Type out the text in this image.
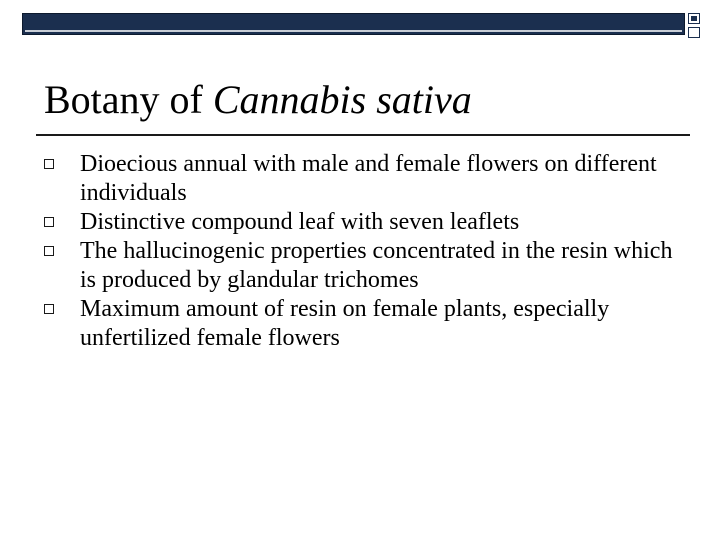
Botany of Cannabis sativa
Dioecious annual with male and female flowers on different individuals
Distinctive compound leaf with seven leaflets
The hallucinogenic properties concentrated in the resin which is produced by glandular trichomes
Maximum amount of resin on female plants, especially unfertilized female flowers
